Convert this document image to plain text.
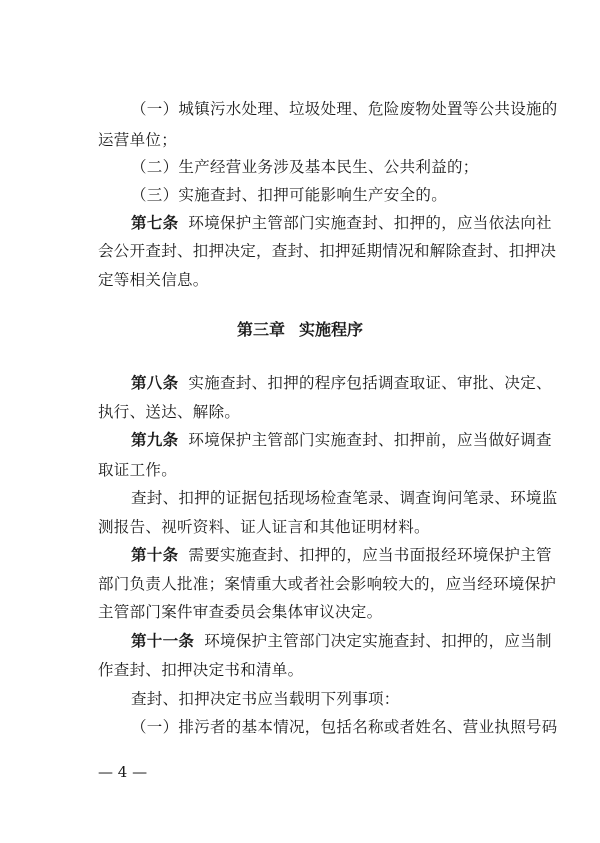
（一）城镇污水处理、垃圾处理、危险废物处置等公共设施的
运营单位；
（二）生产经营业务涉及基本民生、公共利益的；
（三）实施查封、扣押可能影响生产安全的。
第七条 环境保护主管部门实施查封、扣押的，应当依法向社
会公开查封、扣押决定，查封、扣押延期情况和解除查封、扣押决
定等相关信息。
第三章 实施程序
第八条 实施查封、扣押的程序包括调查取证、审批、决定、
执行、送达、解除。
第九条 环境保护主管部门实施查封、扣押前，应当做好调查
取证工作。
查封、扣押的证据包括现场检查笔录、调查询问笔录、环境监
测报告、视听资料、证人证言和其他证明材料。
第十条 需要实施查封、扣押的，应当书面报经环境保护主管
部门负责人批准；案情重大或者社会影响较大的，应当经环境保护
主管部门案件审查委员会集体审议决定。
第十一条 环境保护主管部门决定实施查封、扣押的，应当制
作查封、扣押决定书和清单。
查封、扣押决定书应当载明下列事项：
（一）排污者的基本情况，包括名称或者姓名、营业执照号码
— 4 —
